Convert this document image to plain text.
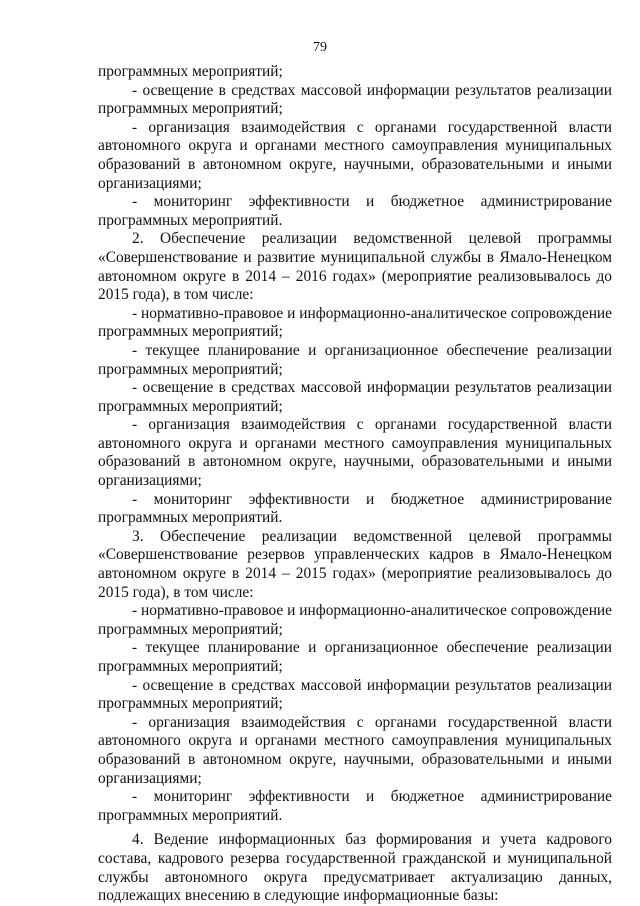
79

программных мероприятий;

- освещение в средствах массовой информации результатов реализации программных мероприятий;

- организация взаимодействия с органами государственной власти автономного округа и органами местного самоуправления муниципальных образований в автономном округе, научными, образовательными и иными организациями;

- мониторинг эффективности и бюджетное администрирование программных мероприятий.

2. Обеспечение реализации ведомственной целевой программы «Совершенствование и развитие муниципальной службы в Ямало-Ненецком автономном округе в 2014 – 2016 годах» (мероприятие реализовывалось до 2015 года), в том числе:

- нормативно-правовое и информационно-аналитическое сопровождение программных мероприятий;

- текущее планирование и организационное обеспечение реализации программных мероприятий;

- освещение в средствах массовой информации результатов реализации программных мероприятий;

- организация взаимодействия с органами государственной власти автономного округа и органами местного самоуправления муниципальных образований в автономном округе, научными, образовательными и иными организациями;

- мониторинг эффективности и бюджетное администрирование программных мероприятий.

3. Обеспечение реализации ведомственной целевой программы «Совершенствование резервов управленческих кадров в Ямало-Ненецком автономном округе в 2014 – 2015 годах» (мероприятие реализовывалось до 2015 года), в том числе:

- нормативно-правовое и информационно-аналитическое сопровождение программных мероприятий;

- текущее планирование и организационное обеспечение реализации программных мероприятий;

- освещение в средствах массовой информации результатов реализации программных мероприятий;

- организация взаимодействия с органами государственной власти автономного округа и органами местного самоуправления муниципальных образований в автономном округе, научными, образовательными и иными организациями;

- мониторинг эффективности и бюджетное администрирование программных мероприятий.

4. Ведение информационных баз формирования и учета кадрового состава, кадрового резерва государственной гражданской и муниципальной службы автономного округа предусматривает актуализацию данных, подлежащих внесению в следующие информационные базы:
